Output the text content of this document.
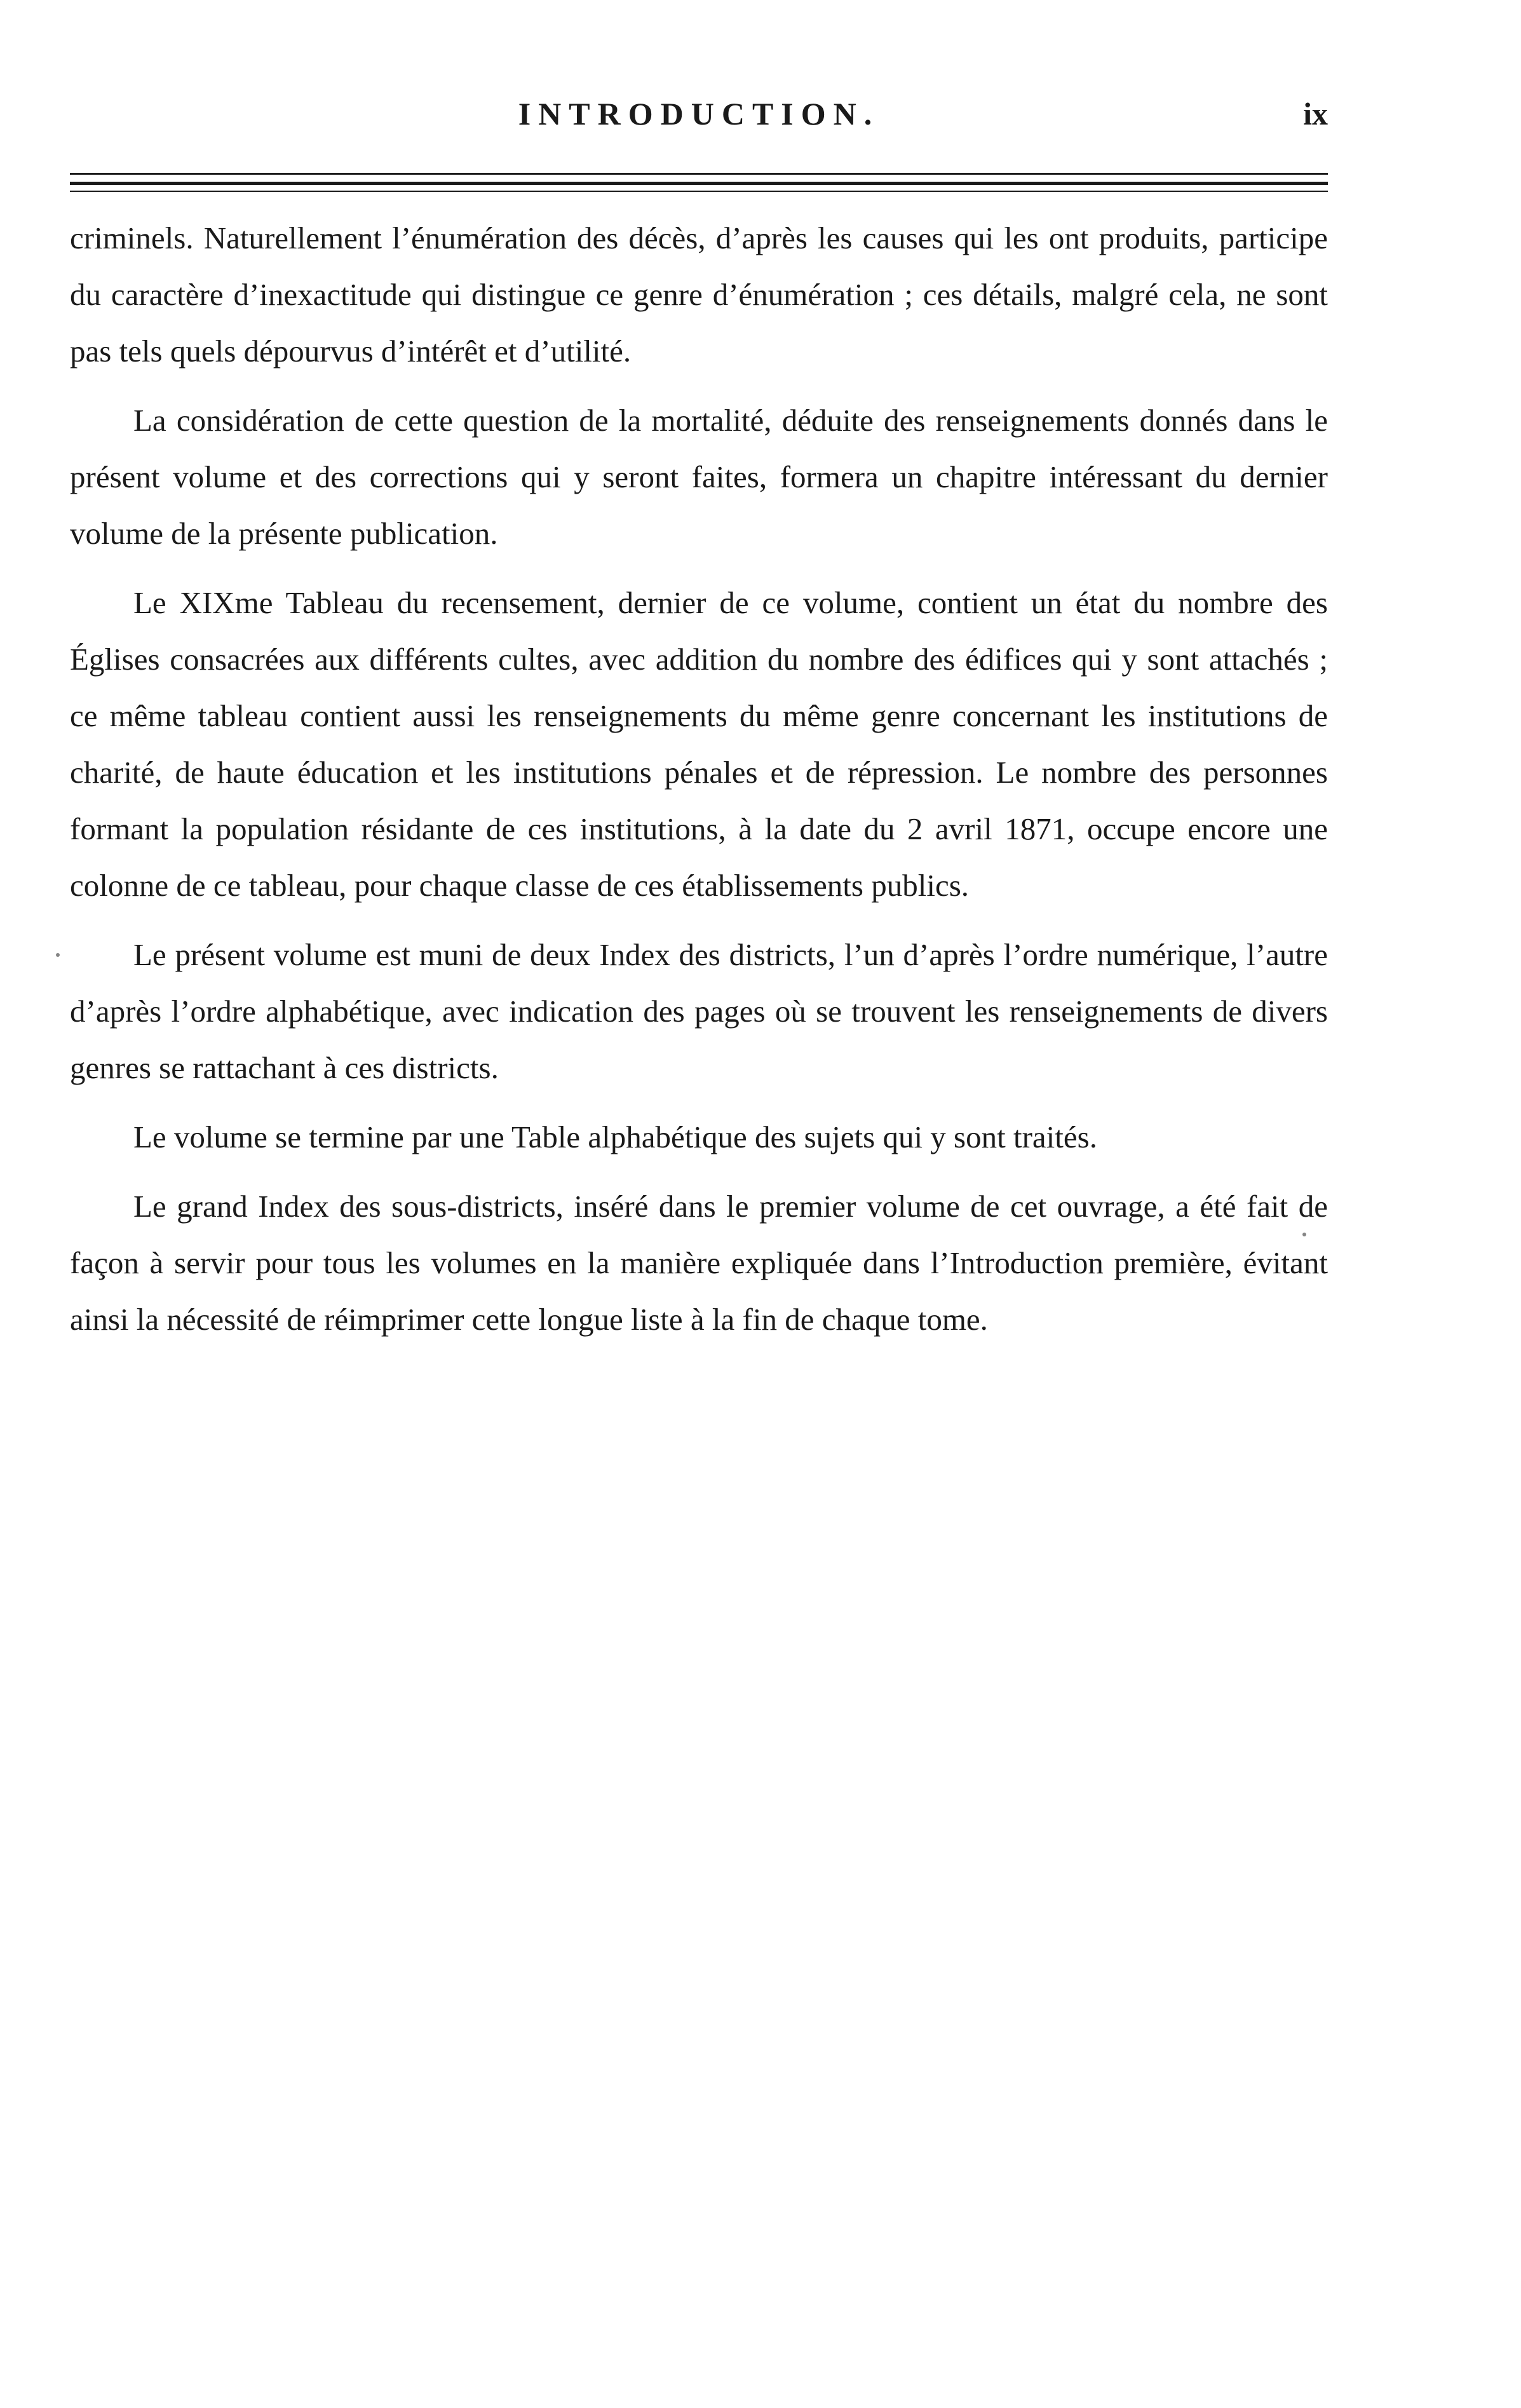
INTRODUCTION.	ix

criminels. Naturellement l’énumération des décès, d’après les causes qui les ont produits, participe du caractère d’inexactitude qui distingue ce genre d’énumération ; ces détails, malgré cela, ne sont pas tels quels dépourvus d’intérêt et d’utilité.

La considération de cette question de la mortalité, déduite des renseignements donnés dans le présent volume et des corrections qui y seront faites, formera un chapitre intéressant du dernier volume de la présente publication.

Le XIXme Tableau du recensement, dernier de ce volume, contient un état du nombre des Églises consacrées aux différents cultes, avec addition du nombre des édifices qui y sont attachés ; ce même tableau contient aussi les renseignements du même genre concernant les institutions de charité, de haute éducation et les institutions pénales et de répression. Le nombre des personnes formant la population résidante de ces institutions, à la date du 2 avril 1871, occupe encore une colonne de ce tableau, pour chaque classe de ces établissements publics.

Le présent volume est muni de deux Index des districts, l’un d’après l’ordre numérique, l’autre d’après l’ordre alphabétique, avec indication des pages où se trouvent les renseignements de divers genres se rattachant à ces districts.

Le volume se termine par une Table alphabétique des sujets qui y sont traités.

Le grand Index des sous-districts, inséré dans le premier volume de cet ouvrage, a été fait de façon à servir pour tous les volumes en la manière expliquée dans l’Introduction première, évitant ainsi la nécessité de réimprimer cette longue liste à la fin de chaque tome.
